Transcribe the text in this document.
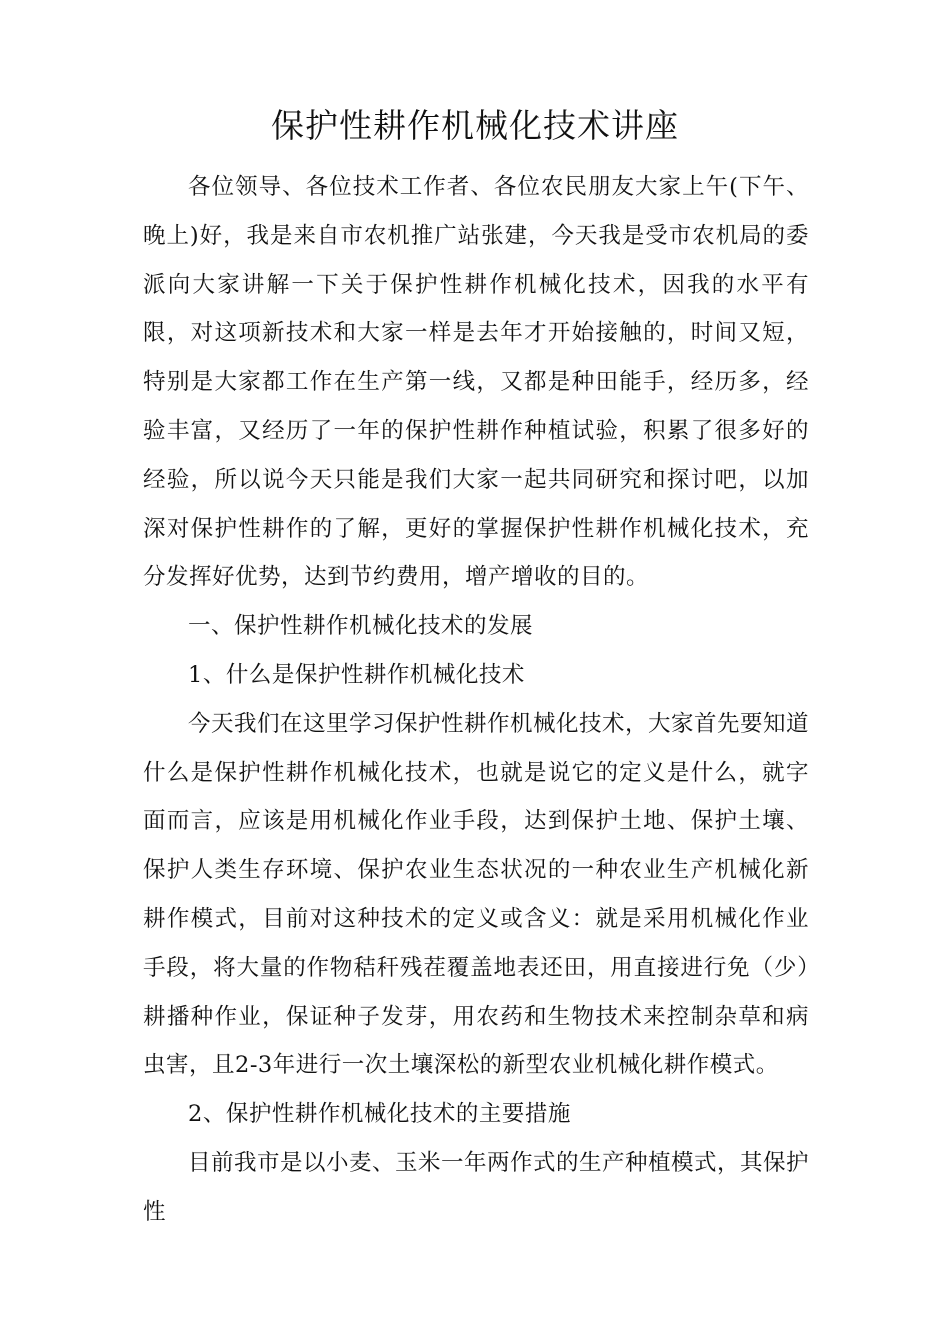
保护性耕作机械化技术讲座

各位领导、各位技术工作者、各位农民朋友大家上午(下午、晚上)好，我是来自市农机推广站张建，今天我是受市农机局的委派向大家讲解一下关于保护性耕作机械化技术，因我的水平有限，对这项新技术和大家一样是去年才开始接触的，时间又短，特别是大家都工作在生产第一线，又都是种田能手，经历多，经验丰富，又经历了一年的保护性耕作种植试验，积累了很多好的经验，所以说今天只能是我们大家一起共同研究和探讨吧，以加深对保护性耕作的了解，更好的掌握保护性耕作机械化技术，充分发挥好优势，达到节约费用，增产增收的目的。

一、保护性耕作机械化技术的发展

1、什么是保护性耕作机械化技术

今天我们在这里学习保护性耕作机械化技术，大家首先要知道什么是保护性耕作机械化技术，也就是说它的定义是什么，就字面而言，应该是用机械化作业手段，达到保护土地、保护土壤、保护人类生存环境、保护农业生态状况的一种农业生产机械化新耕作模式，目前对这种技术的定义或含义：就是采用机械化作业手段，将大量的作物秸秆残茬覆盖地表还田，用直接进行免（少）耕播种作业，保证种子发芽，用农药和生物技术来控制杂草和病虫害，且2-3年进行一次土壤深松的新型农业机械化耕作模式。

2、保护性耕作机械化技术的主要措施

目前我市是以小麦、玉米一年两作式的生产种植模式，其保护性
